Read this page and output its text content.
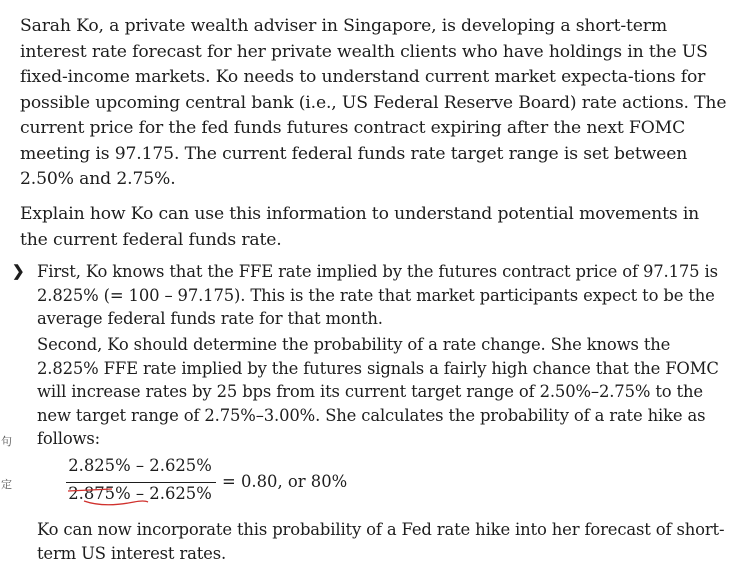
Sarah Ko, a private wealth adviser in Singapore, is developing a short-term interest rate forecast for her private wealth clients who have holdings in the US fixed-income markets. Ko needs to understand current market expecta-tions for possible upcoming central bank (i.e., US Federal Reserve Board) rate actions. The current price for the fed funds futures contract expiring after the next FOMC meeting is 97.175. The current federal funds rate target range is set between 2.50% and 2.75%.

Explain how Ko can use this information to understand potential movements in the current federal funds rate.

❯ First, Ko knows that the FFE rate implied by the futures contract price of 97.175 is 2.825% (= 100 – 97.175). This is the rate that market participants expect to be the average federal funds rate for that month.

Second, Ko should determine the probability of a rate change. She knows the 2.825% FFE rate implied by the futures signals a fairly high chance that the FOMC will increase rates by 25 bps from its current target range of 2.50%–2.75% to the new target range of 2.75%–3.00%. She calculates the probability of a rate hike as follows:

句
定
2.825% – 2.625%
2.875% – 2.625%
= 0.80, or 80%

Ko can now incorporate this probability of a Fed rate hike into her forecast of short-term US interest rates.
